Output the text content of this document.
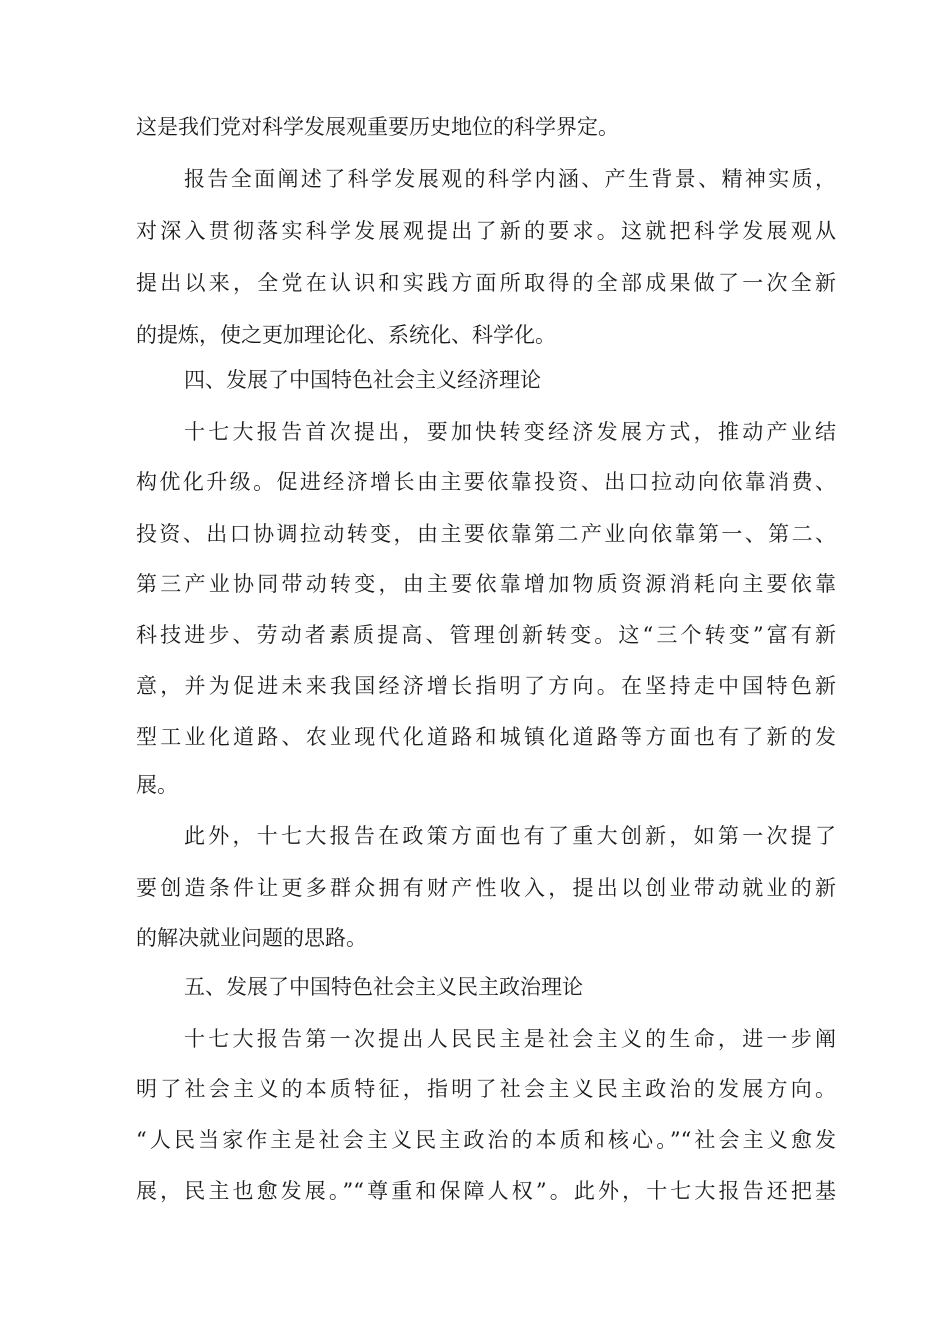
这是我们党对科学发展观重要历史地位的科学界定。
报告全面阐述了科学发展观的科学内涵、产生背景、精神实质，
对深入贯彻落实科学发展观提出了新的要求。这就把科学发展观从
提出以来，全党在认识和实践方面所取得的全部成果做了一次全新
的提炼，使之更加理论化、系统化、科学化。
四、发展了中国特色社会主义经济理论
十七大报告首次提出，要加快转变经济发展方式，推动产业结
构优化升级。促进经济增长由主要依靠投资、出口拉动向依靠消费、
投资、出口协调拉动转变，由主要依靠第二产业向依靠第一、第二、
第三产业协同带动转变，由主要依靠增加物质资源消耗向主要依靠
科技进步、劳动者素质提高、管理创新转变。这“三个转变”富有新
意，并为促进未来我国经济增长指明了方向。在坚持走中国特色新
型工业化道路、农业现代化道路和城镇化道路等方面也有了新的发
展。
此外，十七大报告在政策方面也有了重大创新，如第一次提了
要创造条件让更多群众拥有财产性收入，提出以创业带动就业的新
的解决就业问题的思路。
五、发展了中国特色社会主义民主政治理论
十七大报告第一次提出人民民主是社会主义的生命，进一步阐
明了社会主义的本质特征，指明了社会主义民主政治的发展方向。
“人民当家作主是社会主义民主政治的本质和核心。”“社会主义愈发
展，民主也愈发展。”“尊重和保障人权”。此外，十七大报告还把基
